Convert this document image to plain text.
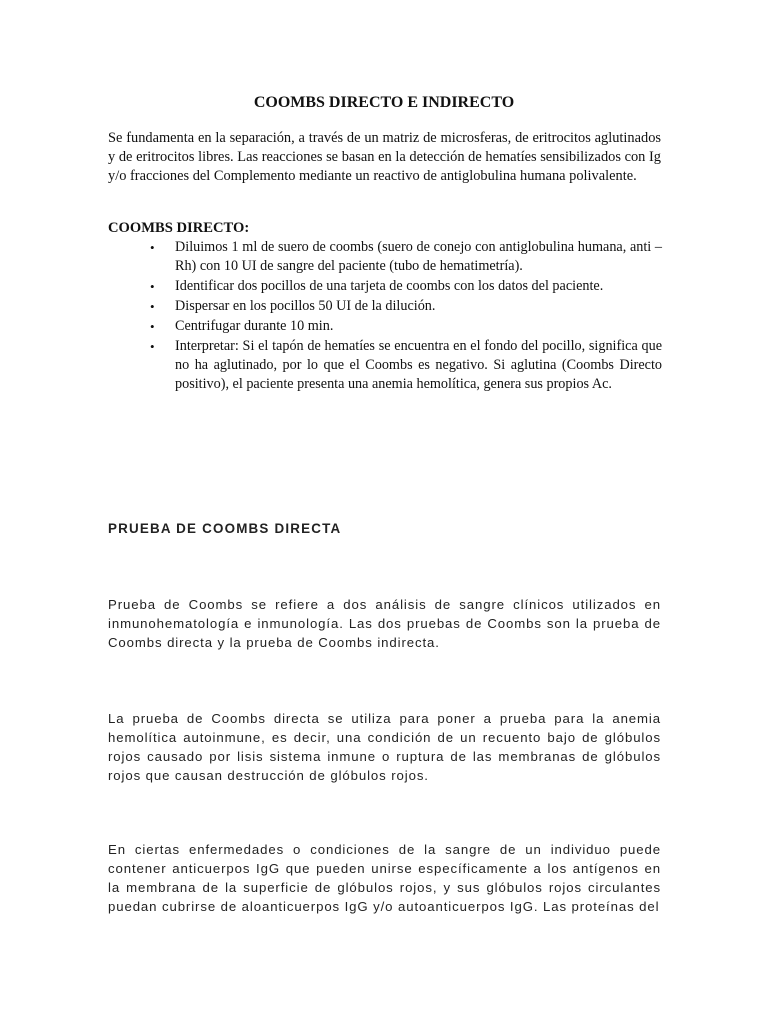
COOMBS DIRECTO E INDIRECTO

Se fundamenta en la separación, a través de un matriz de microsferas, de eritrocitos aglutinados y de eritrocitos libres. Las reacciones se basan en la detección de hematíes sensibilizados con Ig y/o fracciones del Complemento mediante un reactivo de antiglobulina humana polivalente.

COOMBS DIRECTO:
•	Diluimos 1 ml de suero de coombs (suero de conejo con antiglobulina humana, anti – Rh) con 10 UI de sangre del paciente (tubo de hematimetría).
•	Identificar dos pocillos de una tarjeta de coombs con los datos del paciente.
•	Dispersar en los pocillos 50 UI de la dilución.
•	Centrifugar durante 10 min.
•	Interpretar: Si el tapón de hematíes se encuentra en el fondo del pocillo, significa que no ha aglutinado, por lo que el Coombs es negativo. Si aglutina (Coombs Directo positivo), el paciente presenta una anemia hemolítica, genera sus propios Ac.
PRUEBA DE COOMBS DIRECTA

Prueba de Coombs se refiere a dos análisis de sangre clínicos utilizados en inmunohematología e inmunología. Las dos pruebas de Coombs son la prueba de Coombs directa y la prueba de Coombs indirecta.

La prueba de Coombs directa se utiliza para poner a prueba para la anemia hemolítica autoinmune, es decir, una condición de un recuento bajo de glóbulos rojos causado por lisis sistema inmune o ruptura de las membranas de glóbulos rojos que causan destrucción de glóbulos rojos.

En ciertas enfermedades o condiciones de la sangre de un individuo puede contener anticuerpos IgG que pueden unirse específicamente a los antígenos en la membrana de la superficie de glóbulos rojos, y sus glóbulos rojos circulantes puedan cubrirse de aloanticuerpos IgG y/o autoanticuerpos IgG. Las proteínas del
